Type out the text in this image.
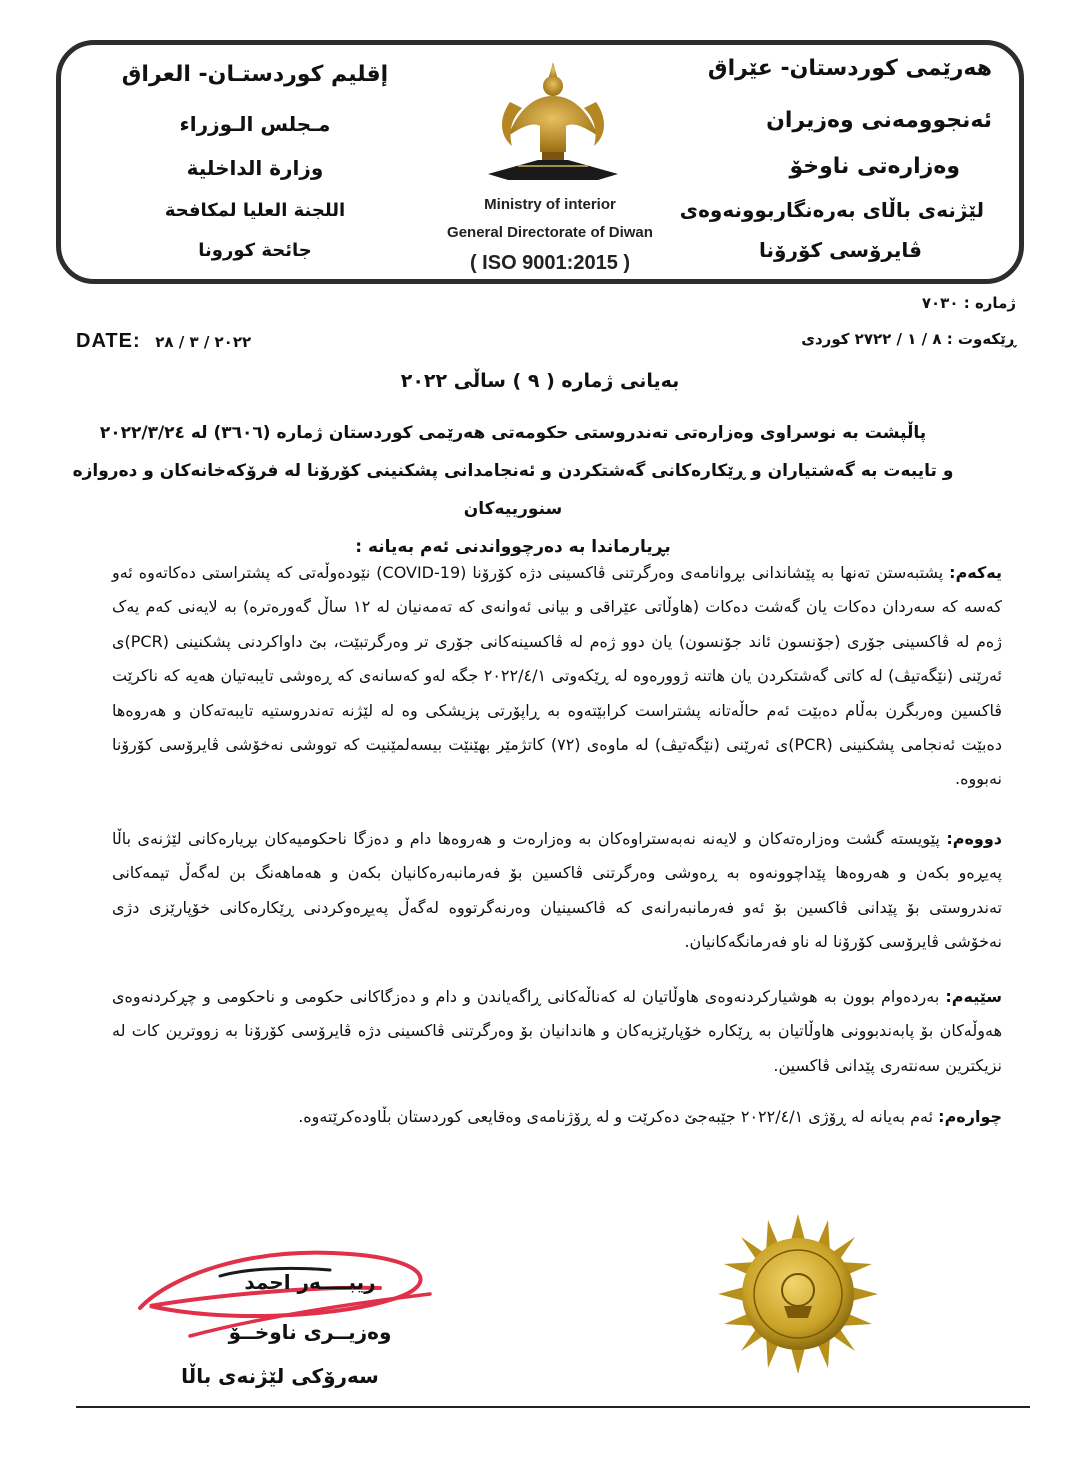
هەرێمی کوردستان- عێراق
ئەنجوومەنی وەزیران
وەزارەتی ناوخۆ
لێژنەی باڵای بەرەنگاربوونەوەی
ڤایرۆسی کۆرۆنا
إقليم كوردستـان- العراق
مـجلس الـوزراء
وزارة الداخلية
اللجنة العليا لمكافحة
جائحة كورونا
Ministry of interior
General Directorate of Diwan
( ISO 9001:2015 )
ژمارە : ٧٠٣٠
ڕێکەوت : ٨ / ١ / ٢٧٢٢ کوردی
DATE: ٢٠٢٢ / ٣ / ٢٨
بەیانی ژمارە ( ٩ ) ساڵی ٢٠٢٢
پاڵپشت بە نوسراوی وەزارەتی تەندروستی حکومەتی هەرێمی کوردستان ژمارە (٣٦٠٦) لە ٢٠٢٢/٣/٢٤
و تایبەت بە گەشتیاران و ڕێکارەکانی گەشتکردن و ئەنجامدانی پشکنینی کۆرۆنا لە فرۆکەخانەکان و دەروازە سنورییەکان
بڕیارماندا بە دەرچوواندنی ئەم بەیانە :
یەکەم: پشتبەستن تەنها بە پێشاندانی بڕوانامەی وەرگرتنی ڤاکسینی دژە کۆرۆنا (COVID-19) نێودەوڵەتی کە پشتراستی دەکاتەوە ئەو کەسە کە سەردان دەکات یان گەشت دەکات (هاوڵاتی عێراقی و بیانی ئەوانەی کە تەمەنیان لە ١٢ ساڵ گەورەترە) بە لایەنی کەم یەک ژەم لە ڤاکسینی جۆری (جۆنسون ئاند جۆنسون) یان دوو ژەم لە ڤاکسینەکانی جۆری تر وەرگرتبێت، بێ داواکردنی پشکنینی (PCR)ی ئەرێنی (نێگەتیڤ) لە کاتی گەشتکردن یان هاتنە ژوورەوە لە ڕێکەوتی ٢٠٢٢/٤/١ جگە لەو کەسانەی کە ڕەوشی تایبەتیان هەیە کە ناکرێت ڤاکسین وەربگرن بەڵام دەبێت ئەم حاڵەتانە پشتراست کرابێتەوە بە ڕاپۆرتی پزیشکی وە لە لێژنە تەندروستیە تایبەتەکان و هەروەها دەبێت ئەنجامی پشکنینی (PCR)ی ئەرێنی (نێگەتیڤ) لە ماوەی (٧٢) کاتژمێر بهێنێت بیسەلمێنیت کە تووشی نەخۆشی ڤایرۆسی کۆرۆنا نەبووە.
دووەم: پێویستە گشت وەزارەتەکان و لایەنە نەبەستراوەکان بە وەزارەت و هەروەها دام و دەزگا ناحکومیەکان بڕیارەکانی لێژنەی باڵا پەیڕەو بکەن و هەروەها پێداچوونەوە بە ڕەوشی وەرگرتنی ڤاکسین بۆ فەرمانبەرەکانیان بکەن و هەماهەنگ بن لەگەڵ تیمەکانی تەندروستی بۆ پێدانی ڤاکسین بۆ ئەو فەرمانبەرانەی کە ڤاکسینیان وەرنەگرتووە لەگەڵ پەیڕەوکردنی ڕێکارەکانی خۆپارێزی دژی نەخۆشی ڤایرۆسی کۆرۆنا لە ناو فەرمانگەکانیان.
سێیەم: بەردەوام بوون بە هوشیارکردنەوەی هاوڵاتیان لە کەناڵەکانی ڕاگەیاندن و دام و دەزگاکانی حکومی و ناحکومی و چڕکردنەوەی هەوڵەکان بۆ پابەندبوونی هاوڵاتیان بە ڕێکارە خۆپارێزیەکان و هاندانیان بۆ وەرگرتنی ڤاکسینی دژە ڤایرۆسی کۆرۆنا بە زووترین کات لە نزیکترین سەنتەری پێدانی ڤاکسین.
چوارەم: ئەم بەیانە لە ڕۆژی ٢٠٢٢/٤/١ جێبەجێ دەکرێت و لە ڕۆژنامەی وەقایعی کوردستان بڵاودەکرێتەوە.
ریبــــەر احمد
وەزیــری ناوخــۆ
سەرۆکی لێژنەی باڵا
